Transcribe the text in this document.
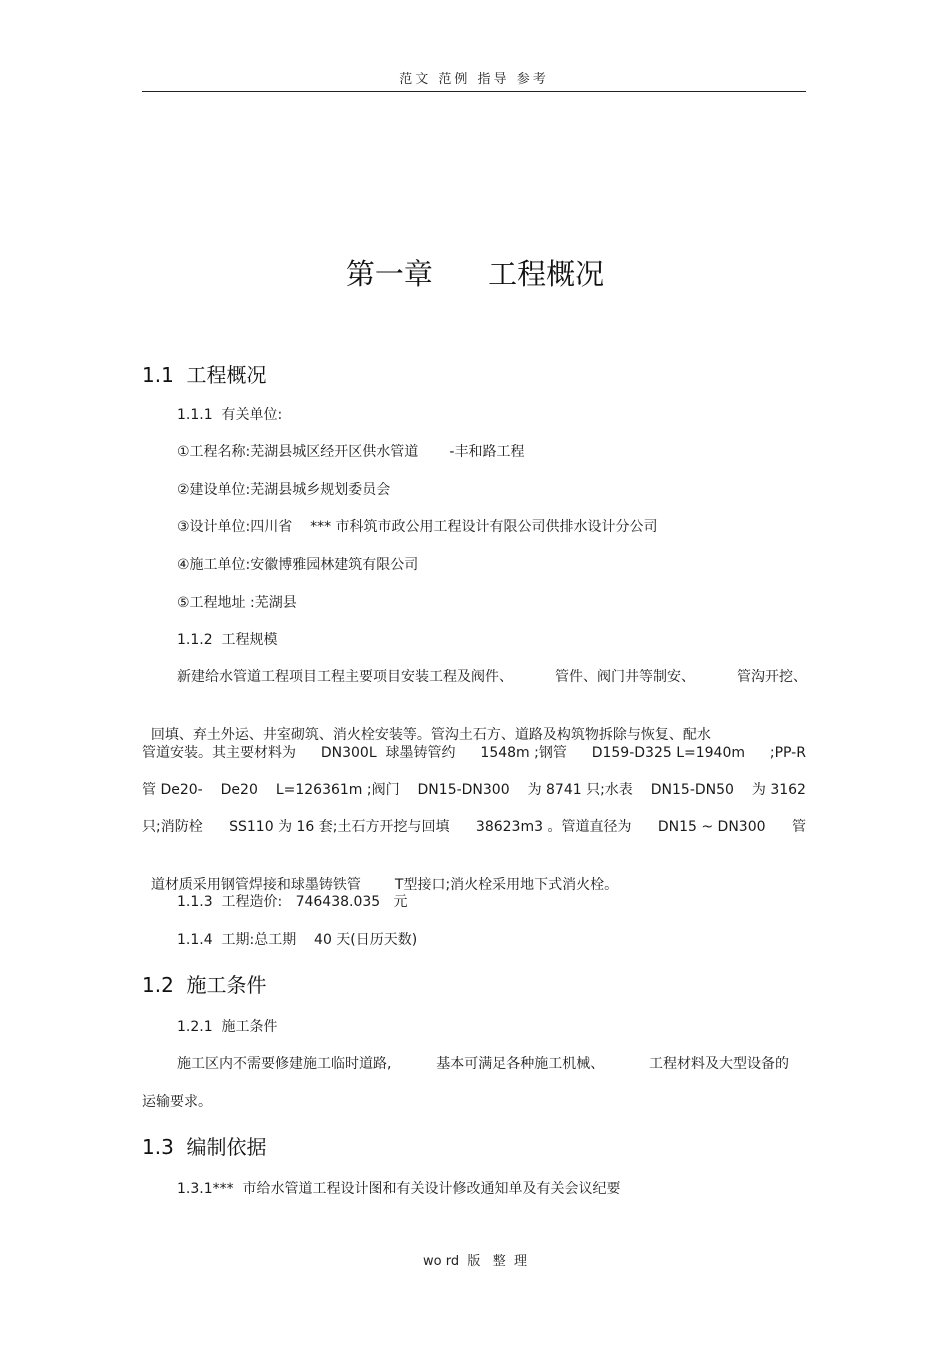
范文 范例 指导 参考
第一章      工程概况
1.1  工程概况
1.1.1  有关单位:
①工程名称:芜湖县城区经开区供水管道       -丰和路工程
②建设单位:芜湖县城乡规划委员会
③设计单位:四川省    *** 市科筑市政公用工程设计有限公司供排水设计分公司
④施工单位:安徽博雅园林建筑有限公司
⑤工程地址 :芜湖县
1.1.2  工程规模
新建给水管道工程项目工程主要项目安装工程及阀件、	管件、阀门井等制安、	管沟开挖、

回填、弃土外运、井室砌筑、消火栓安装等。管沟土石方、道路及构筑物拆除与恢复、配水

管道安装。其主要材料为 DN300L  球墨铸管约 1548m ;钢管 D159-D325 L=1940m ;PP-R
管 De20- De20 L=126361m ;阀门 DN15-DN300 为 8741 只;水表 DN15-DN50 为 3162
只;消防栓 SS110 为 16 套;土石方开挖与回填 38623m3 。管道直径为 DN15 ~ DN300 管

道材质采用钢管焊接和球墨铸铁管 T型接口;消火栓采用地下式消火栓。

1.1.3  工程造价:   746438.035   元
1.1.4  工期:总工期    40 天(日历天数)
1.2  施工条件
1.2.1  施工条件
施工区内不需要修建施工临时道路,	基本可满足各种施工机械、	工程材料及大型设备的
运输要求。
1.3  编制依据
1.3.1***  市给水管道工程设计图和有关设计修改通知单及有关会议纪要
wo rd  版   整  理
